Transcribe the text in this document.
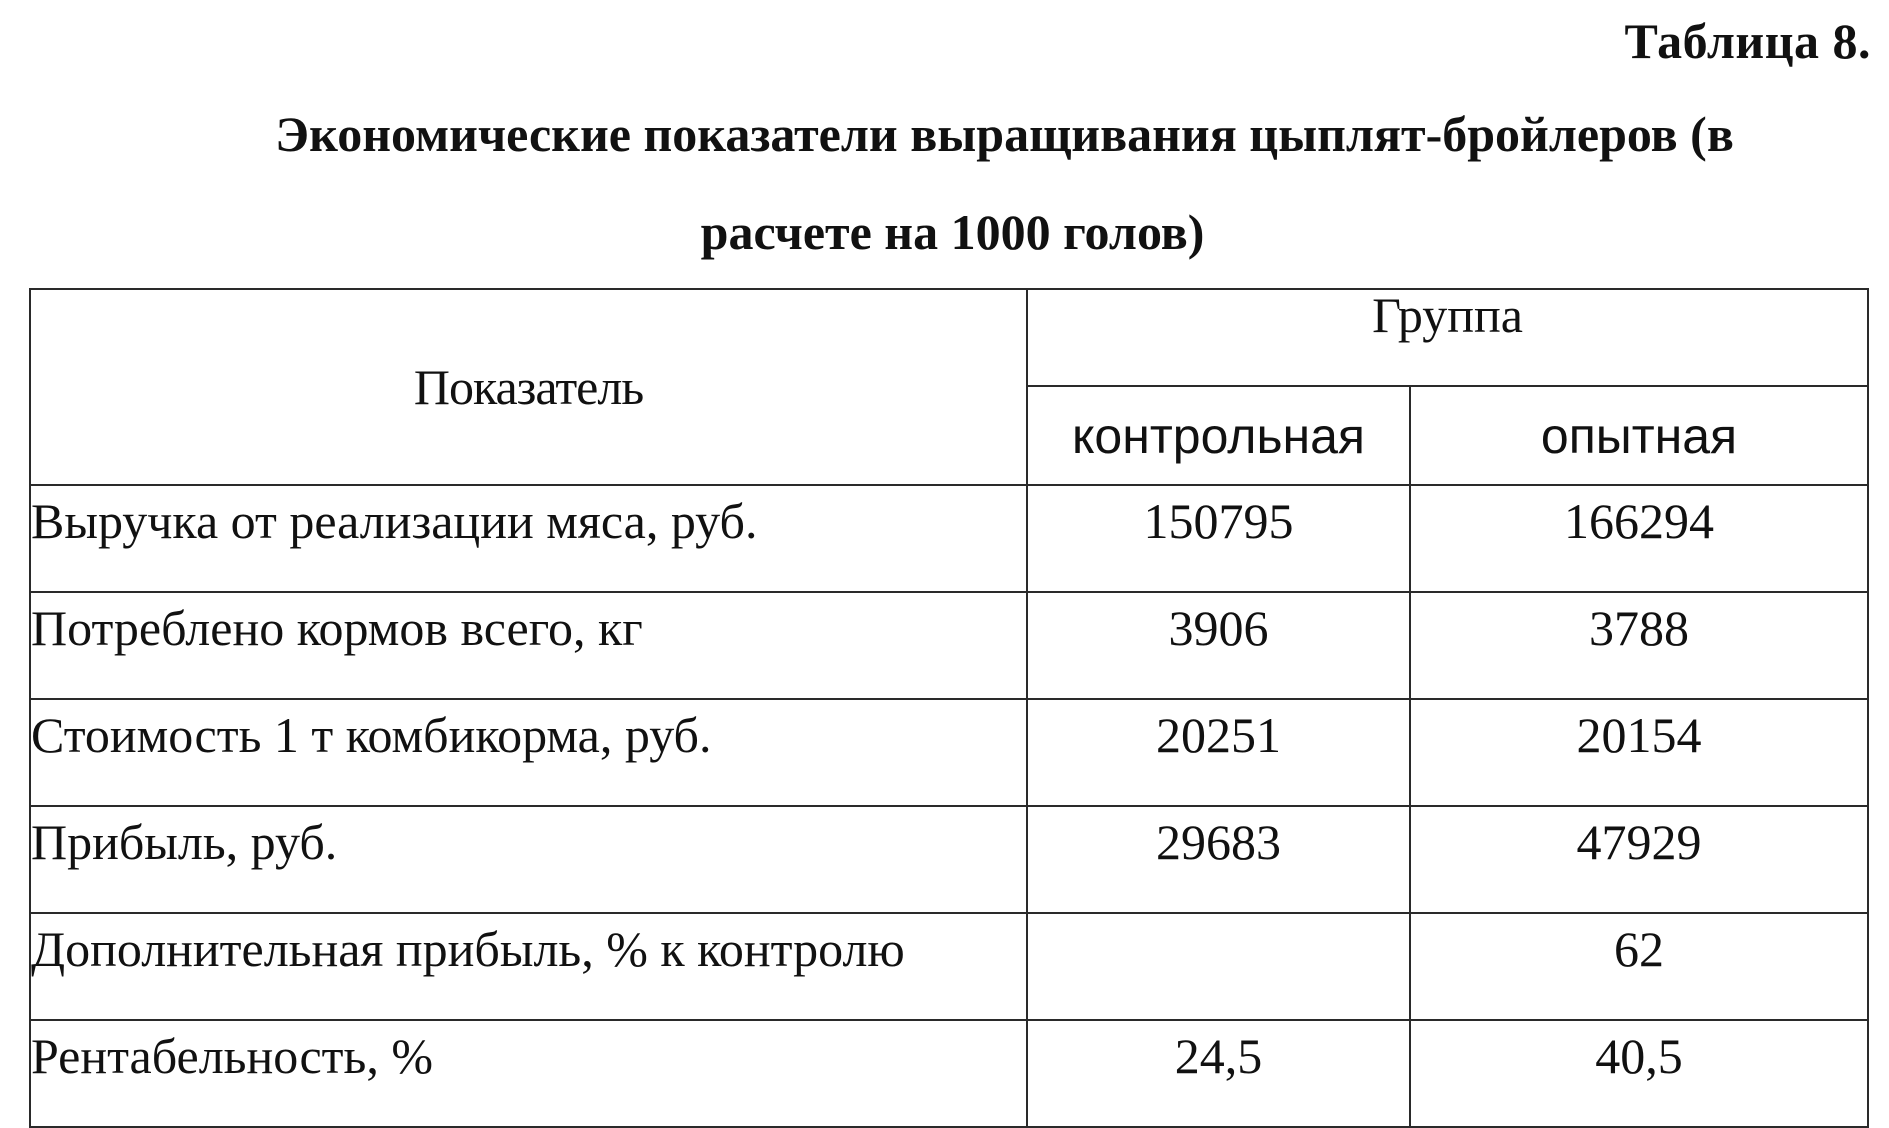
Таблица 8.
Экономические показатели выращивания цыплят-бройлеров (в
расчете на 1000 голов)
Показатель	Группа	
	контрольная	опытная
Выручка от реализации мяса, руб.	150795	166294
Потреблено кормов всего, кг	3906	3788
Стоимость 1 т комбикорма, руб.	20251	20154
Прибыль, руб.	29683	47929
Дополнительная прибыль, % к контролю		62
Рентабельность, %	24,5	40,5
